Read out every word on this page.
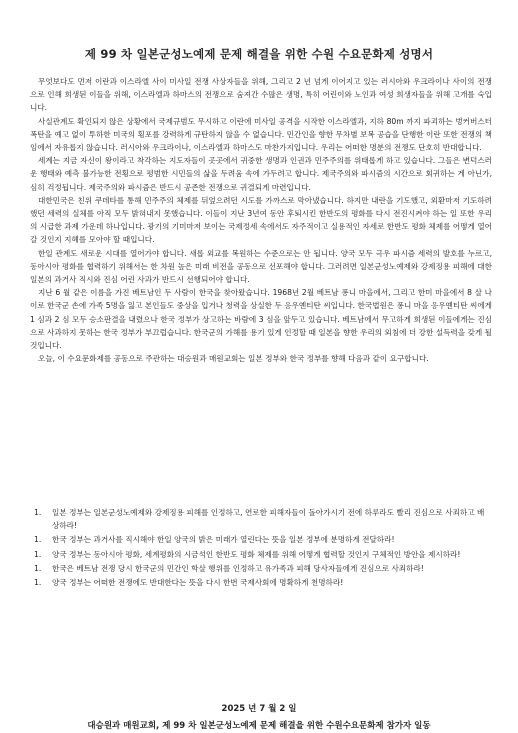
제 99 차 일본군성노예제 문제 해결을 위한 수원 수요문화제 성명서

무엇보다도 먼저 이란과 이스라엘 사이 미사일 전쟁 사상자들을 위해, 그리고 2 년 넘게 이어지고 있는 러시아와 우크라이나 사이의 전쟁으로 인해 희생된 이들을 위해, 이스라엘과 하마스의 전쟁으로 숨져간 수많은 생명, 특히 어린이와 노인과 여성 희생자들을 위해 고개를 숙입니다.

사실관계도 확인되지 않은 상황에서 국제규범도 무시하고 이란에 미사일 공격을 시작한 이스라엘과, 지하 80m 까지 파괴하는 벙커버스터 폭탄을 예고 없이 투하한 미국의 횡포를 강력하게 규탄하지 않을 수 없습니다. 민간인을 향한 무차별 보복 공습을 단행한 이란 또한 전쟁의 책임에서 자유롭지 않습니다. 러시아와 우크라이나, 이스라엘과 하마스도 마찬가지입니다. 우리는 어떠한 명분의 전쟁도 단호히 반대합니다.

세계는 지금 자신이 왕이라고 착각하는 지도자들이 곳곳에서 귀중한 생명과 인권과 민주주의를 위태롭게 하고 있습니다. 그들은 변덕스러운 행태와 예측 불가능한 전횡으로 평범한 시민들의 삶을 두려움 속에 가두려고 합니다. 제국주의와 파시즘의 시간으로 회귀하는 게 아닌가, 심히 걱정됩니다. 제국주의와 파시즘은 반드시 공존한 전쟁으로 귀결되게 마련입니다.

대한민국은 친위 쿠데타를 통해 민주주의 체제를 뒤엎으려던 시도를 가까스로 막아냈습니다. 하지만 내란을 기도했고, 외환마저 기도하려 했던 세력의 실체를 아직 모두 밝혀내지 못했습니다. 이들이 지난 3년여 동안 후퇴시킨 한반도의 평화를 다시 전진시켜야 하는 일 또한 우리의 시급한 과제 가운데 하나입니다. 광기의 기미마저 보이는 국제정세 속에서도 자주적이고 실용적인 자세로 한반도 평화 체제를 어떻게 열어갈 것인지 지혜를 모아야 할 때입니다.

한일 관계도 새로운 시대를 열어가야 합니다. 새롭 외교를 복원하는 수준으로는 안 됩니다. 양국 모두 극우 파시즘 세력의 발호를 누르고, 동아시아 평화를 협력하기 위해서는 한 차원 높은 미래 비전을 공동으로 선포해야 합니다. 그러려면 일본군성노예제와 강제징용 피해에 대한 일본의 과거사 직시와 진심 어린 사과가 반드시 선행되어야 합니다.

지난 6 월 같은 이름을 가진 베트남인 두 사람이 한국을 찾아왔습니다. 1968년 2월 베트남 퐁니 마을에서, 그리고 한미 마을에서 8 살 나이로 한국군 손에 가족 5명을 잃고 본인들도 중상을 입거나 청력을 상실한 두 응우옌티탄 씨입니다. 한국법원은 퐁니 마을 응우옌티탄 씨에게 1 심과 2 심 모두 승소판결을 내렸으나 한국 정부가 상고하는 바람에 3 심을 앞두고 있습니다. 베트남에서 무고하게 희생된 이들에게는 진심으로 사과하지 못하는 한국 정부가 부끄럽습니다. 한국군의 가해를 용기 있게 인정할 때 일본을 향한 우리의 외침에 더 강한 설득력을 갖게 될 것입니다.

오늘, 이 수요문화제를 공동으로 주관하는 대승원과 매원교회는 일본 정부와 한국 정부를 향해 다음과 같이 요구합니다.

1.	일본 정부는 일본군성노예제와 강제징용 피해를 인정하고, 연로한 피해자들이 돌아가시기 전에 하루라도 빨리 진심으로 사죄하고 배상하라!
1.	한국 정부는 과거사를 직시해야 한일 양국의 밝은 미래가 열린다는 뜻을 일본 정부에 분명하게 전달하라!
1.	양국 정부는 동아시아 평화, 세계평화의 시금석인 한반도 평화 체제를 위해 어떻게 협력할 것인지 구체적인 방안을 제시하라!
1.	한국은 베트남 전쟁 당시 한국군의 민간인 학살 행위를 인정하고 유가족과 피해 당사자들에게 진심으로 사죄하라!
1.	양국 정부는 어떠한 전쟁에도 반대한다는 뜻을 다시 한번 국제사회에 명확하게 천명하라!
2025 년 7 월 2 일
대승원과 매원교회, 제 99 차 일본군성노예제 문제 해결을 위한 수원수요문화제 참가자 일동
